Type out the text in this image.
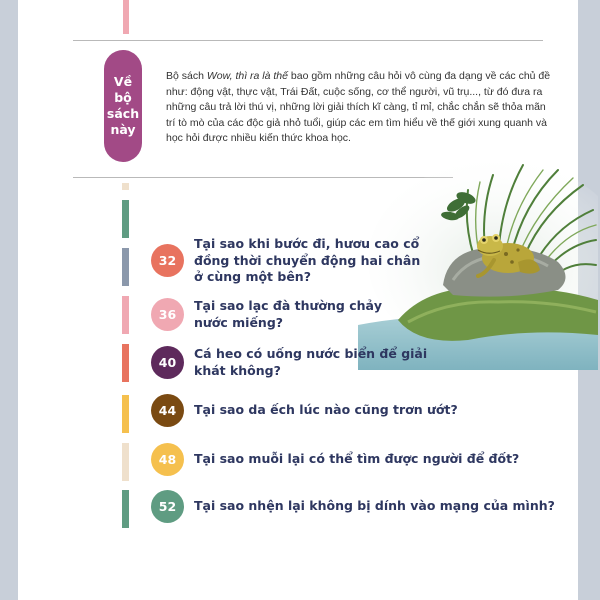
Về
bộ
sách
này
Bộ sách Wow, thì ra là thế bao gồm những câu hỏi vô cùng đa dạng về các chủ đề như: động vật, thực vật, Trái Đất, cuộc sống, cơ thể người, vũ trụ..., từ đó đưa ra những câu trả lời thú vị, những lời giải thích kĩ càng, tỉ mỉ, chắc chắn sẽ thỏa mãn trí tò mò của các độc giả nhỏ tuổi, giúp các em tìm hiểu về thế giới xung quanh và học hỏi được nhiều kiến thức khoa học.
32
Tại sao khi bước đi, hươu cao cổ
đồng thời chuyển động hai chân
ở cùng một bên?
36
Tại sao lạc đà thường chảy
nước miếng?
40
Cá heo có uống nước biển để giải
khát không?
44	Tại sao da ếch lúc nào cũng trơn ướt?
48	Tại sao muỗi lại có thể tìm được người để đốt?
52	Tại sao nhện lại không bị dính vào mạng của mình?
